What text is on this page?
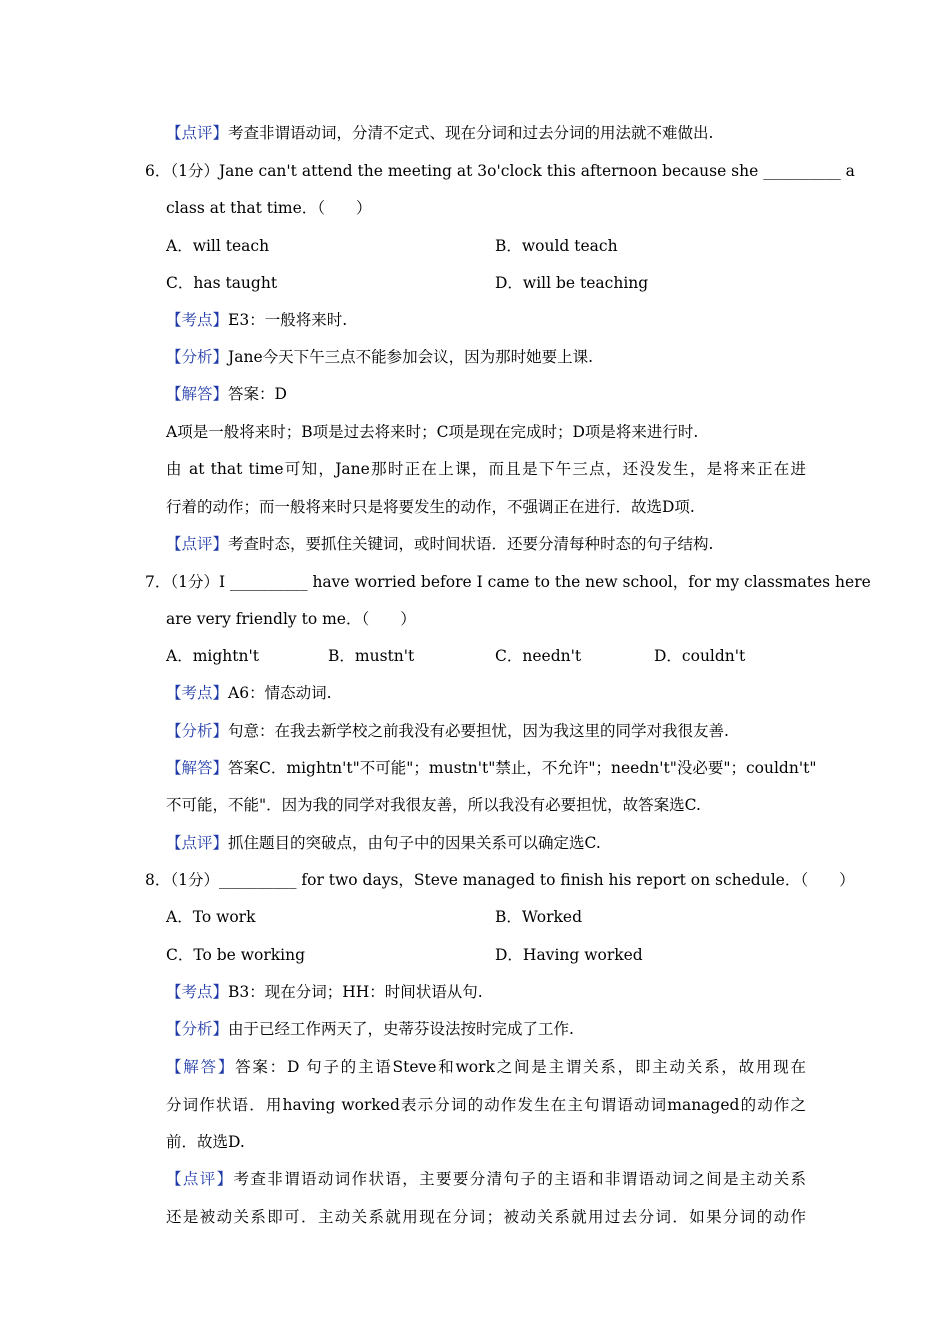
【点评】考查非谓语动词，分清不定式、现在分词和过去分词的用法就不难做出.
6．（1分）Jane can't attend the meeting at 3o'clock this afternoon because she __________ a
class at that time．（　　）
A．will teach	B．would teach
C．has taught	D．will be teaching
【考点】E3：一般将来时.
【分析】Jane今天下午三点不能参加会议，因为那时她要上课.
【解答】答案：D
A项是一般将来时；B项是过去将来时；C项是现在完成时；D项是将来进行时.
由 at that time可知，Jane那时正在上课，而且是下午三点，还没发生，是将来正在进
行着的动作；而一般将来时只是将要发生的动作，不强调正在进行．故选D项.
【点评】考查时态，要抓住关键词，或时间状语．还要分清每种时态的句子结构.
7．（1分）I __________ have worried before I came to the new school，for my classmates here
are very friendly to me．（　　）
A．mightn't	B．mustn't	C．needn't	D．couldn't
【考点】A6：情态动词.
【分析】句意：在我去新学校之前我没有必要担忧，因为我这里的同学对我很友善.
【解答】答案C．mightn't"不可能"；mustn't"禁止，不允许"；needn't"没必要"；couldn't"
不可能，不能"．因为我的同学对我很友善，所以我没有必要担忧，故答案选C.
【点评】抓住题目的突破点，由句子中的因果关系可以确定选C.
8．（1分）__________ for two days，Steve managed to finish his report on schedule．（　　）
A．To work	B．Worked
C．To be working	D．Having worked
【考点】B3：现在分词；HH：时间状语从句.
【分析】由于已经工作两天了，史蒂芬设法按时完成了工作.
【解答】答案：D 句子的主语Steve和work之间是主谓关系，即主动关系，故用现在
分词作状语．用having worked表示分词的动作发生在主句谓语动词managed的动作之
前．故选D.
【点评】考查非谓语动词作状语，主要要分清句子的主语和非谓语动词之间是主动关系
还是被动关系即可．主动关系就用现在分词；被动关系就用过去分词．如果分词的动作
